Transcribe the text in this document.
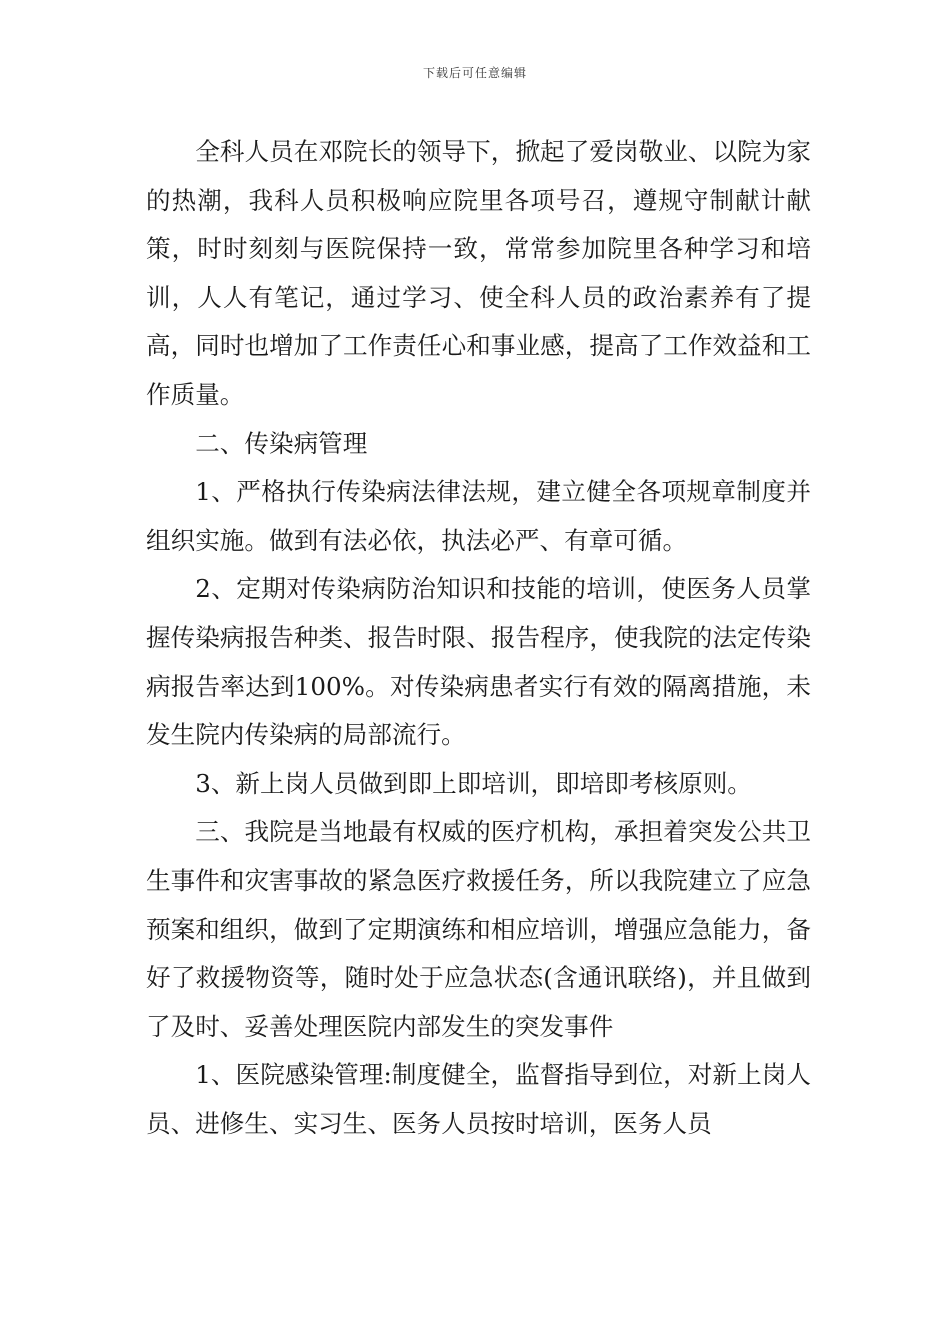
下载后可任意编辑

全科人员在邓院长的领导下，掀起了爱岗敬业、以院为家的热潮，我科人员积极响应院里各项号召，遵规守制献计献策，时时刻刻与医院保持一致，常常参加院里各种学习和培训，人人有笔记，通过学习、使全科人员的政治素养有了提高，同时也增加了工作责任心和事业感，提高了工作效益和工作质量。

二、传染病管理

1、严格执行传染病法律法规，建立健全各项规章制度并组织实施。做到有法必依，执法必严、有章可循。

2、定期对传染病防治知识和技能的培训，使医务人员掌握传染病报告种类、报告时限、报告程序，使我院的法定传染病报告率达到100%。对传染病患者实行有效的隔离措施，未发生院内传染病的局部流行。

3、新上岗人员做到即上即培训，即培即考核原则。

三、我院是当地最有权威的医疗机构，承担着突发公共卫生事件和灾害事故的紧急医疗救援任务，所以我院建立了应急预案和组织，做到了定期演练和相应培训，增强应急能力，备好了救援物资等，随时处于应急状态(含通讯联络)，并且做到了及时、妥善处理医院内部发生的突发事件

1、医院感染管理:制度健全，监督指导到位，对新上岗人员、进修生、实习生、医务人员按时培训，医务人员
